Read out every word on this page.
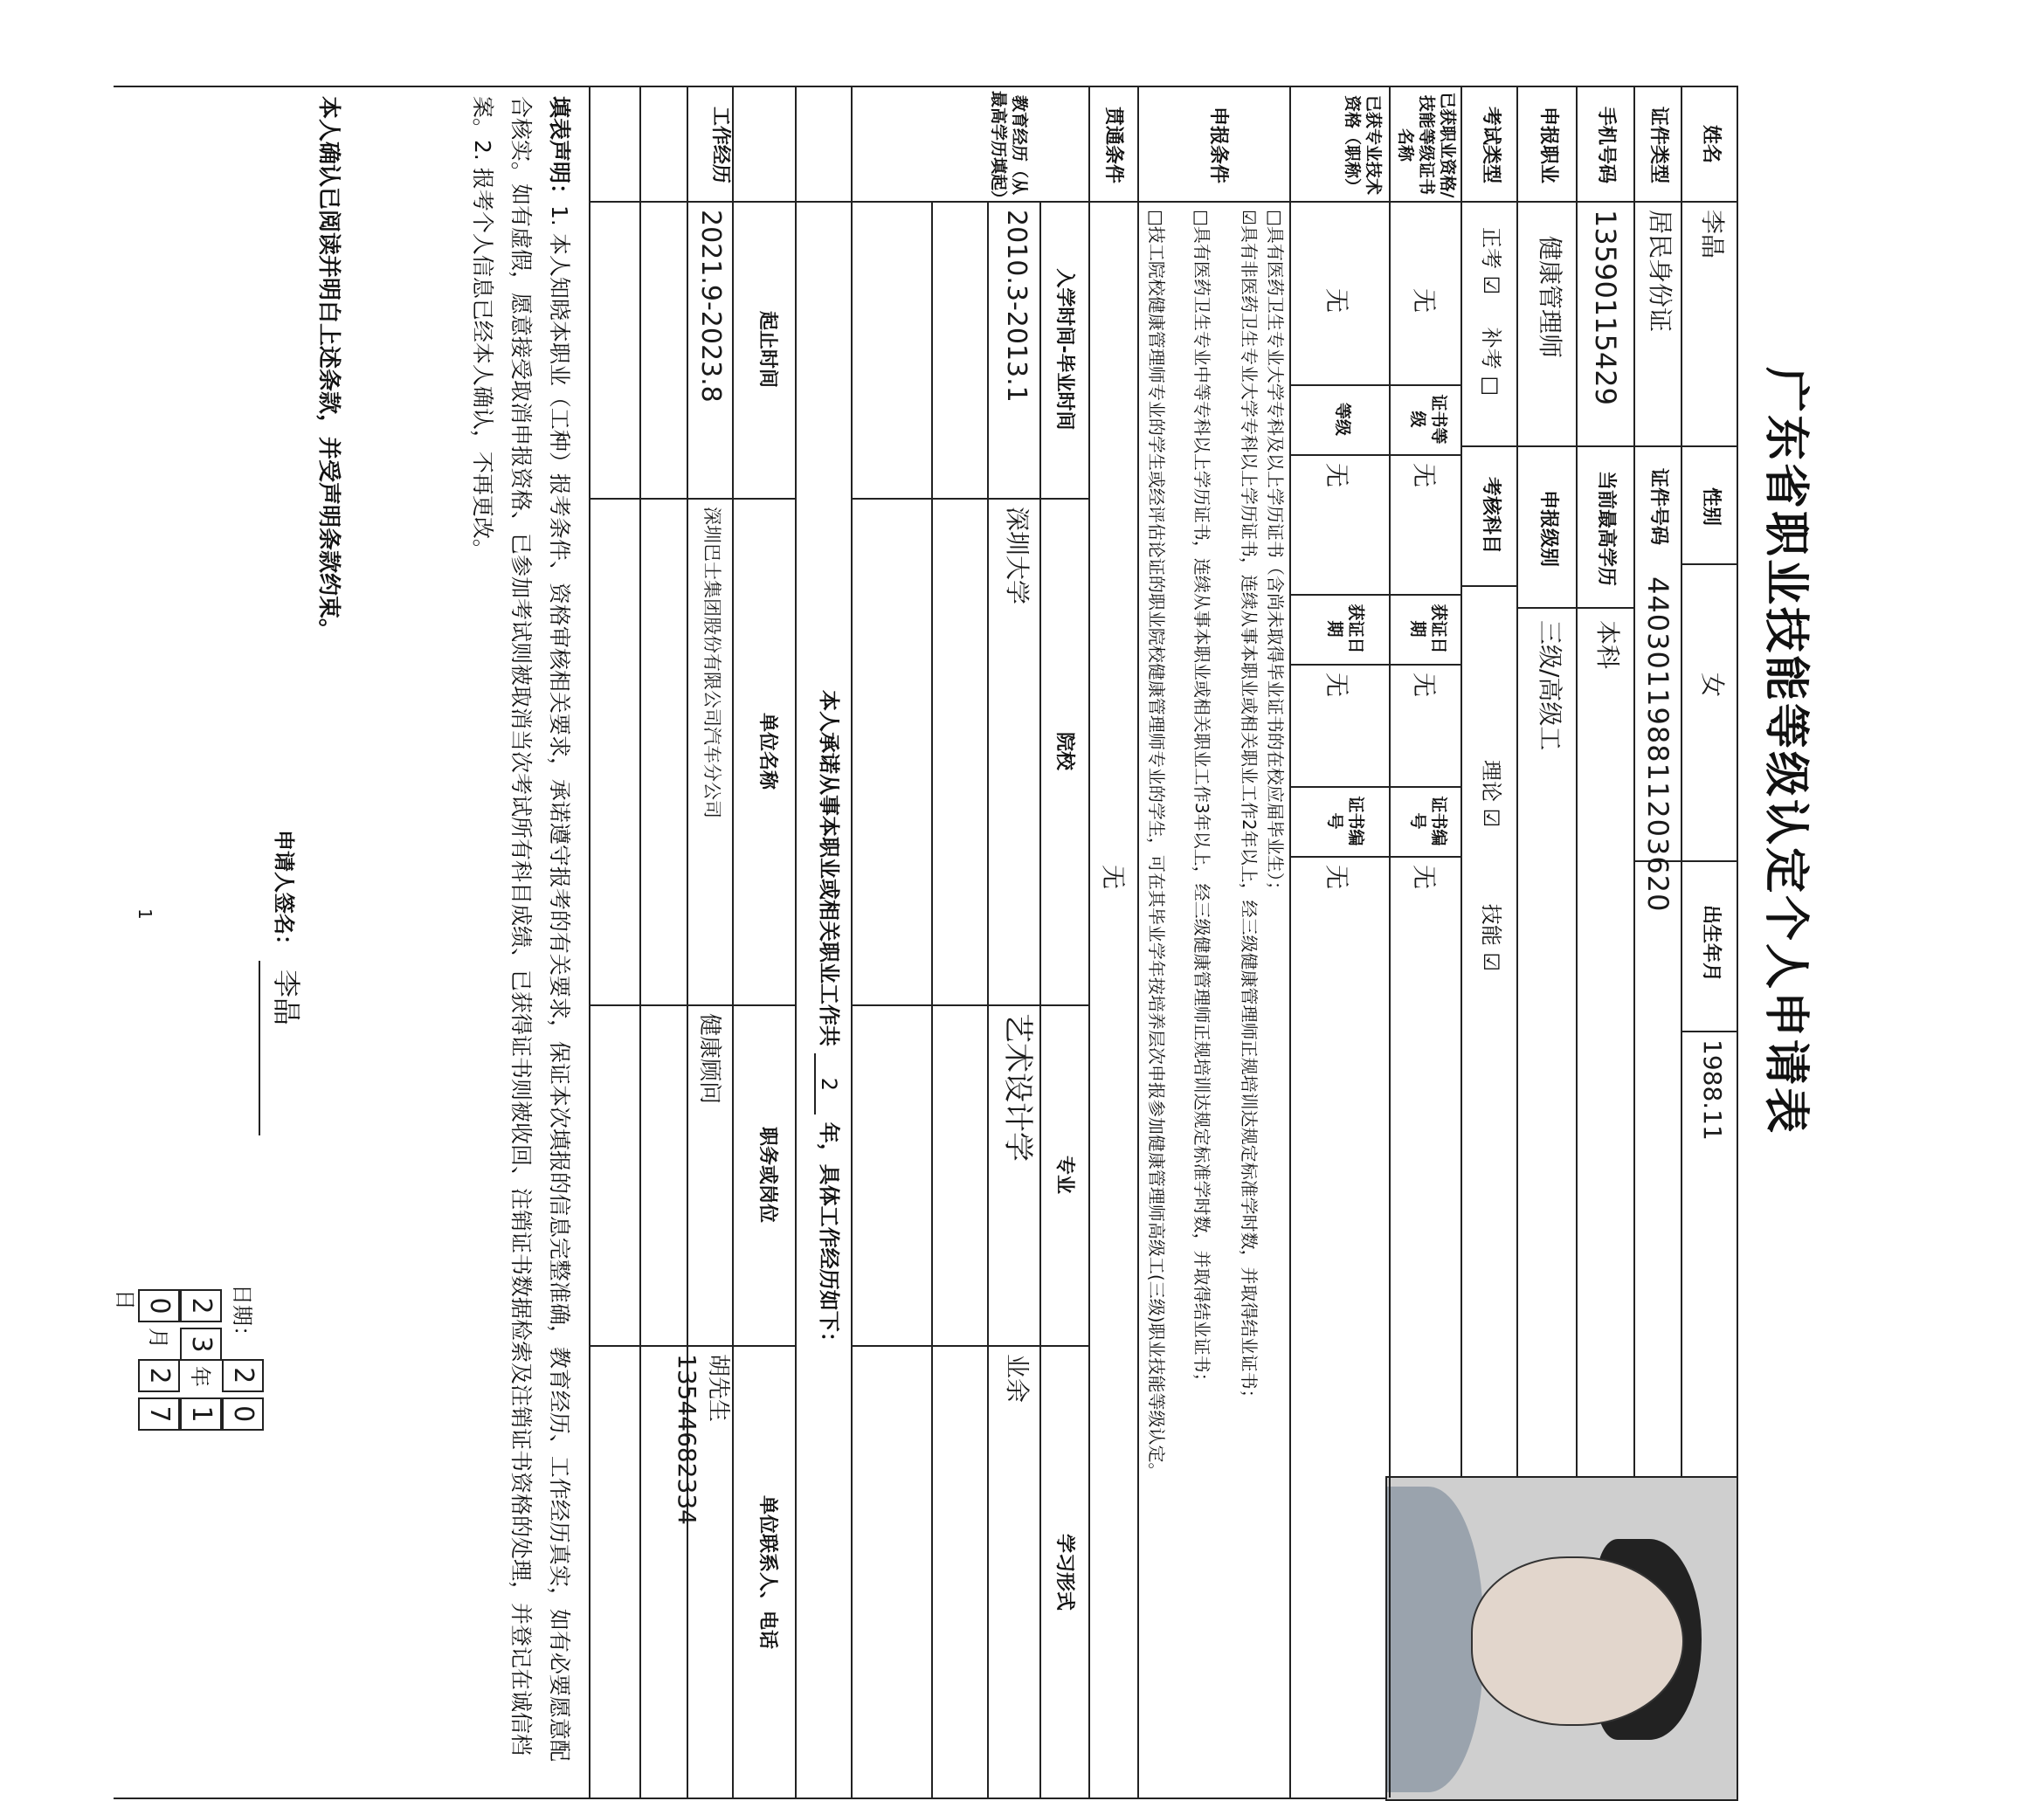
广东省职业技能等级认定个人申请表
姓名
李晶
性别
女
出生年月
1988.11
证件类型
居民身份证
证件号码
440301198811203620
手机号码
13590115429
当前最高学历
本科
申报职业
健康管理师
申报级别
三级/高级工
考试类型
正考 ☑ 补考 □
考核科目
理论 ☑ 技能 ☑
已获职业资格/技能等级证书名称
无
证书等级
无
获证日期
无
证书编号
无
已获专业技术资格（职称）
无
等级
无
获证日期
无
证书编号
无
申报条件
□具有医药卫生专业大学专科及以上学历证书（含尚未取得毕业证书的在校应届毕业生）；
☑具有非医药卫生专业大学专科以上学历证书，连续从事本职业或相关职业工作2年以上，经三级健康管理师正规培训达规定标准学时数，并取得结业证书；
□具有医药卫生专业中等专科以上学历证书，连续从事本职业或相关职业工作3年以上，经三级健康管理师正规培训达规定标准学时数，并取得结业证书；
□技工院校健康管理师专业的学生或经评估论证的职业院校健康管理师专业的学生，可在其毕业学年按培养层次申报参加健康管理师高级工(三级)职业技能等级认定。
贯通条件
无
教育经历（从最高学历填起）
入学时间-毕业时间
院校
专业
学习形式
2010.3-2013.1
深圳大学
艺术设计学
业余
本人承诺从事本职业或相关职业工作共 2 年，具体工作经历如下：
工作经历
起止时间
单位名称
职务或岗位
单位联系人、电话
2021.9-2023.8
深圳巴士集团股份有限公司汽车分公司
健康顾问
胡先生
13544682334
填表声明：1. 本人知晓本职业（工种）报考条件、资格审核相关要求，承诺遵守报考的有关要求，保证本次填报的信息完整准确，教育经历、工作经历真实，如有必要愿意配合核实。如有虚假，愿意接受取消申报资格、已参加考试则被取消当次考试所有科目成绩、已获得证书则被收回、注销证书数据检索及注销证书资格的处理，并登记在诚信档案。2. 报考个人信息已经本人确认，不再更改。
本人确认已阅读并明白上述条款，并受声明条款约束。
申请人签名：
李晶
日期： 2023年10月27日
1
